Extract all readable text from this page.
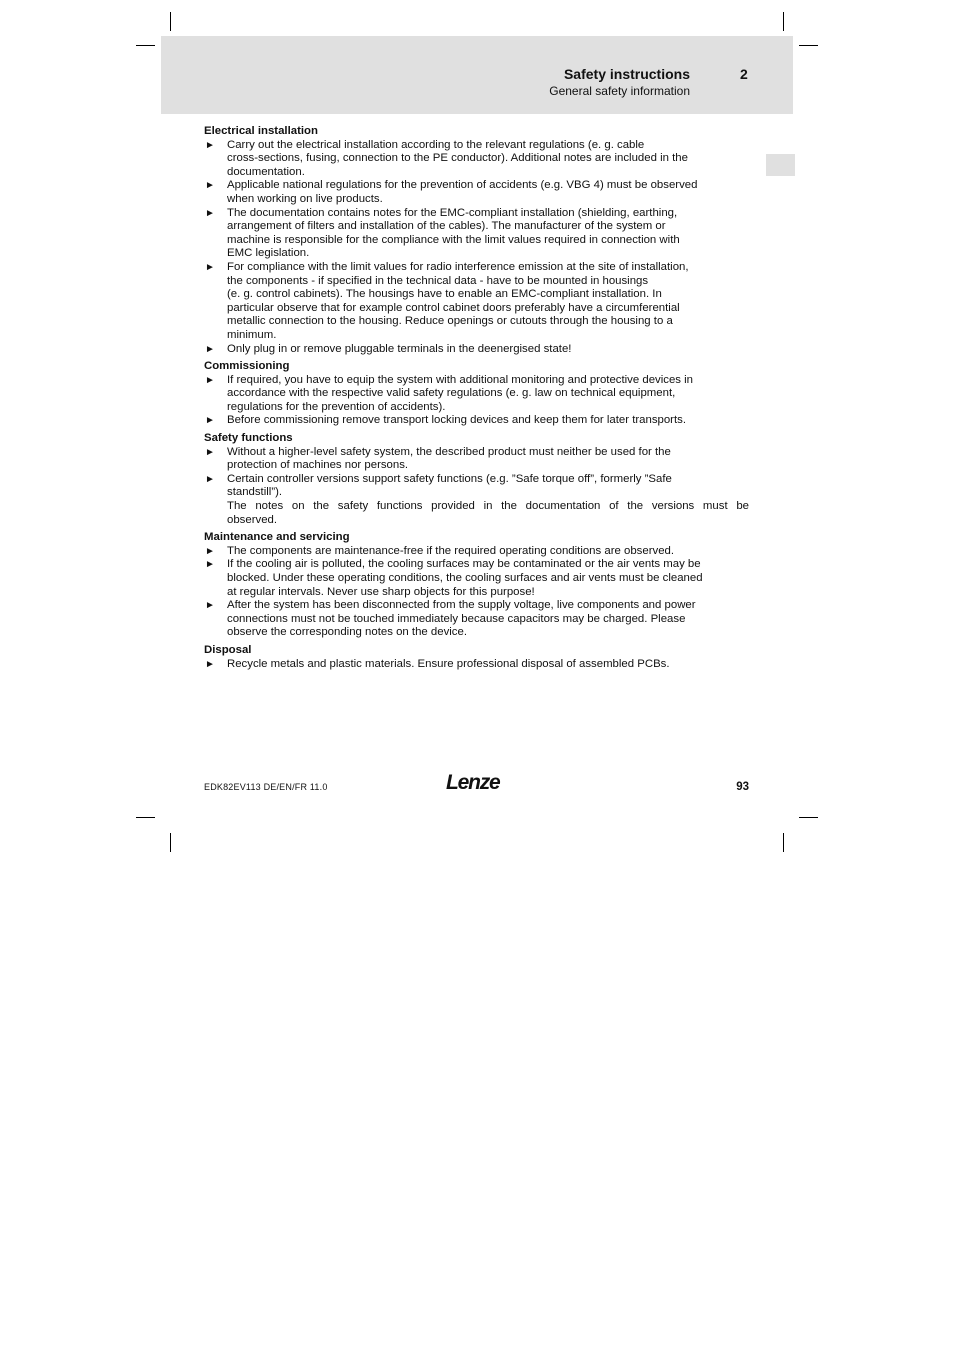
Safety instructions	2
General safety information
Electrical installation
► Carry out the electrical installation according to the relevant regulations (e. g. cable
cross-sections, fusing, connection to the PE conductor). Additional notes are included in the
documentation.
► Applicable national regulations for the prevention of accidents (e.g. VBG 4) must be observed
when working on live products.
► The documentation contains notes for the EMC-compliant installation (shielding, earthing,
arrangement of filters and installation of the cables). The manufacturer of the system or
machine is responsible for the compliance with the limit values required in connection with
EMC legislation.
► For compliance with the limit values for radio interference emission at the site of installation,
the components - if specified in the technical data - have to be mounted in housings
(e. g. control cabinets). The housings have to enable an EMC-compliant installation. In
particular observe that for example control cabinet doors preferably have a circumferential
metallic connection to the housing. Reduce openings or cutouts through the housing to a
minimum.
► Only plug in or remove pluggable terminals in the deenergised state!
Commissioning
► If required, you have to equip the system with additional monitoring and protective devices in
accordance with the respective valid safety regulations (e. g. law on technical equipment,
regulations for the prevention of accidents).
► Before commissioning remove transport locking devices and keep them for later transports.
Safety functions
► Without a higher-level safety system, the described product must neither be used for the
protection of machines nor persons.
► Certain controller versions support safety functions (e.g. ”Safe torque off”, formerly ”Safe
standstill”).
The notes on the safety functions provided in the documentation of the versions must be
observed.
Maintenance and servicing
► The components are maintenance-free if the required operating conditions are observed.
► If the cooling air is polluted, the cooling surfaces may be contaminated or the air vents may be
blocked. Under these operating conditions, the cooling surfaces and air vents must be cleaned
at regular intervals. Never use sharp objects for this purpose!
► After the system has been disconnected from the supply voltage, live components and power
connections must not be touched immediately because capacitors may be charged. Please
observe the corresponding notes on the device.
Disposal
► Recycle metals and plastic materials. Ensure professional disposal of assembled PCBs.
EDK82EV113 DE/EN/FR 11.0	Lenze	93
